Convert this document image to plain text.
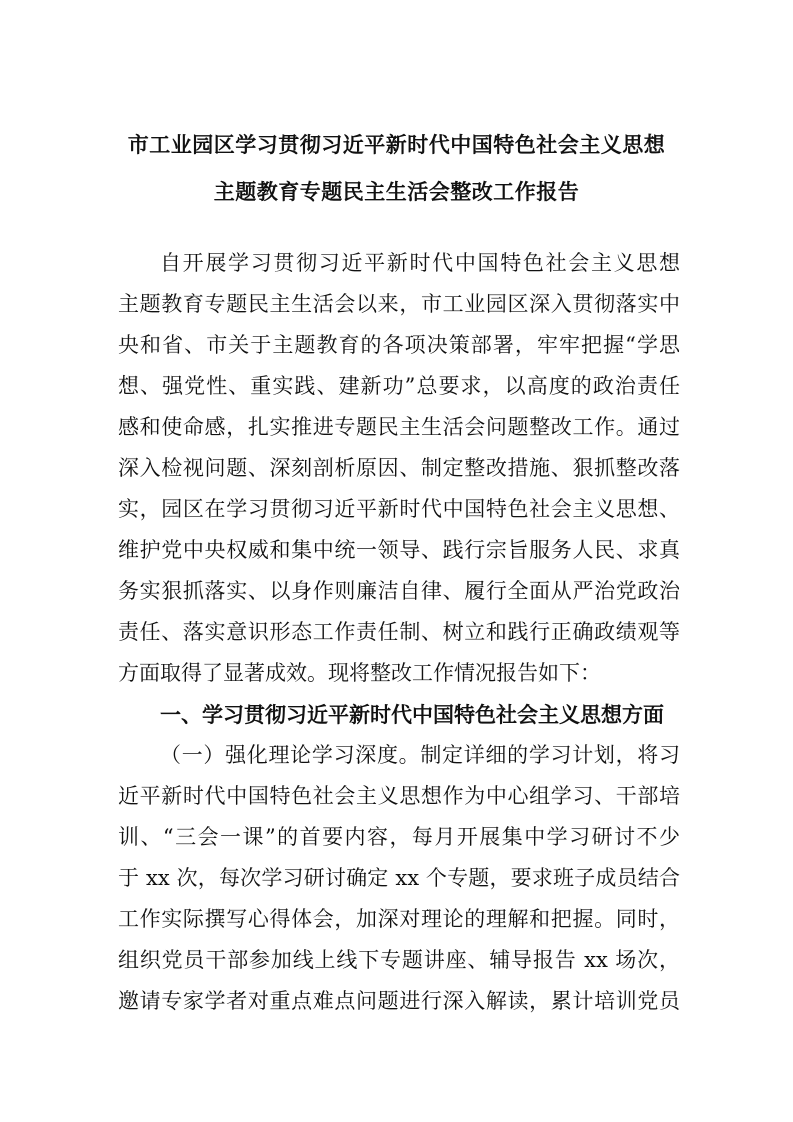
市工业园区学习贯彻习近平新时代中国特色社会主义思想
主题教育专题民主生活会整改工作报告

自开展学习贯彻习近平新时代中国特色社会主义思想
主题教育专题民主生活会以来，市工业园区深入贯彻落实中
央和省、市关于主题教育的各项决策部署，牢牢把握“学思
想、强党性、重实践、建新功”总要求，以高度的政治责任
感和使命感，扎实推进专题民主生活会问题整改工作。通过
深入检视问题、深刻剖析原因、制定整改措施、狠抓整改落
实，园区在学习贯彻习近平新时代中国特色社会主义思想、
维护党中央权威和集中统一领导、践行宗旨服务人民、求真
务实狠抓落实、以身作则廉洁自律、履行全面从严治党政治
责任、落实意识形态工作责任制、树立和践行正确政绩观等
方面取得了显著成效。现将整改工作情况报告如下：

一、学习贯彻习近平新时代中国特色社会主义思想方面

（一）强化理论学习深度。制定详细的学习计划，将习
近平新时代中国特色社会主义思想作为中心组学习、干部培
训、“三会一课”的首要内容，每月开展集中学习研讨不少
于 xx 次，每次学习研讨确定 xx 个专题，要求班子成员结合
工作实际撰写心得体会，加深对理论的理解和把握。同时，
组织党员干部参加线上线下专题讲座、辅导报告 xx 场次，
邀请专家学者对重点难点问题进行深入解读，累计培训党员
